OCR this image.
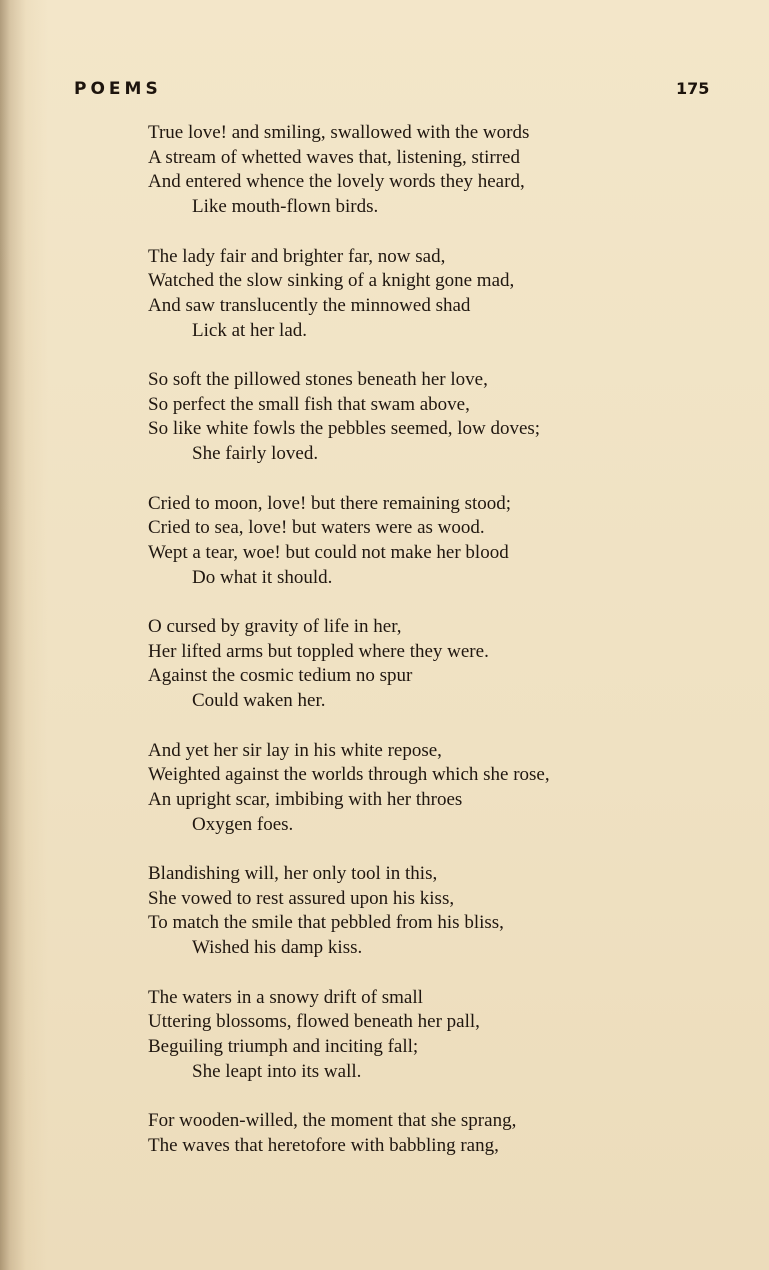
POEMS	175
True love! and smiling, swallowed with the words
A stream of whetted waves that, listening, stirred
And entered whence the lovely words they heard,
Like mouth-flown birds.
The lady fair and brighter far, now sad,
Watched the slow sinking of a knight gone mad,
And saw translucently the minnowed shad
Lick at her lad.
So soft the pillowed stones beneath her love,
So perfect the small fish that swam above,
So like white fowls the pebbles seemed, low doves;
She fairly loved.
Cried to moon, love! but there remaining stood;
Cried to sea, love! but waters were as wood.
Wept a tear, woe! but could not make her blood
Do what it should.
O cursed by gravity of life in her,
Her lifted arms but toppled where they were.
Against the cosmic tedium no spur
Could waken her.
And yet her sir lay in his white repose,
Weighted against the worlds through which she rose,
An upright scar, imbibing with her throes
Oxygen foes.
Blandishing will, her only tool in this,
She vowed to rest assured upon his kiss,
To match the smile that pebbled from his bliss,
Wished his damp kiss.
The waters in a snowy drift of small
Uttering blossoms, flowed beneath her pall,
Beguiling triumph and inciting fall;
She leapt into its wall.
For wooden-willed, the moment that she sprang,
The waves that heretofore with babbling rang,
